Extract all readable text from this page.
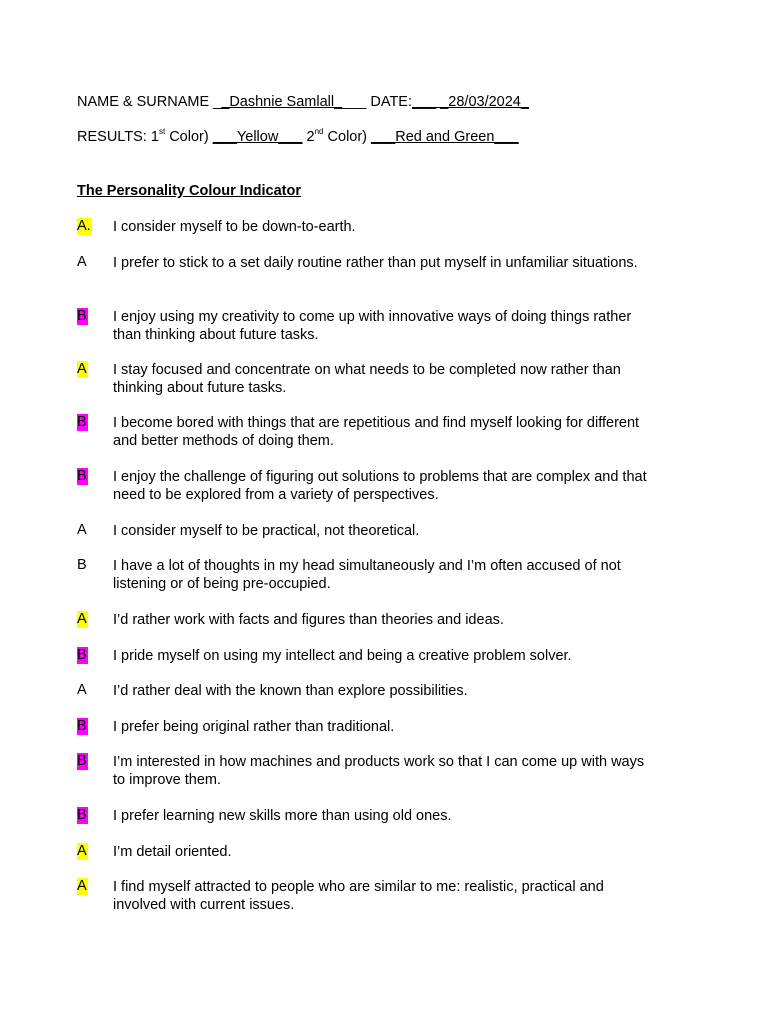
NAME & SURNAME __Dashnie Samlall____ DATE:___ _28/03/2024_
RESULTS: 1st Color) ___Yellow___ 2nd Color) ___Red and Green___
The Personality Colour Indicator
A. I consider myself to be down-to-earth.
A I prefer to stick to a set daily routine rather than put myself in unfamiliar situations.
B I enjoy using my creativity to come up with innovative ways of doing things rather than thinking about future tasks.
A I stay focused and concentrate on what needs to be completed now rather than thinking about future tasks.
B I become bored with things that are repetitious and find myself looking for different and better methods of doing them.
B I enjoy the challenge of figuring out solutions to problems that are complex and that need to be explored from a variety of perspectives.
A I consider myself to be practical, not theoretical.
B I have a lot of thoughts in my head simultaneously and I’m often accused of not listening or of being pre-occupied.
A I’d rather work with facts and figures than theories and ideas.
B I pride myself on using my intellect and being a creative problem solver.
A I’d rather deal with the known than explore possibilities.
B I prefer being original rather than traditional.
B I’m interested in how machines and products work so that I can come up with ways to improve them.
B I prefer learning new skills more than using old ones.
A I’m detail oriented.
A I find myself attracted to people who are similar to me: realistic, practical and involved with current issues.
